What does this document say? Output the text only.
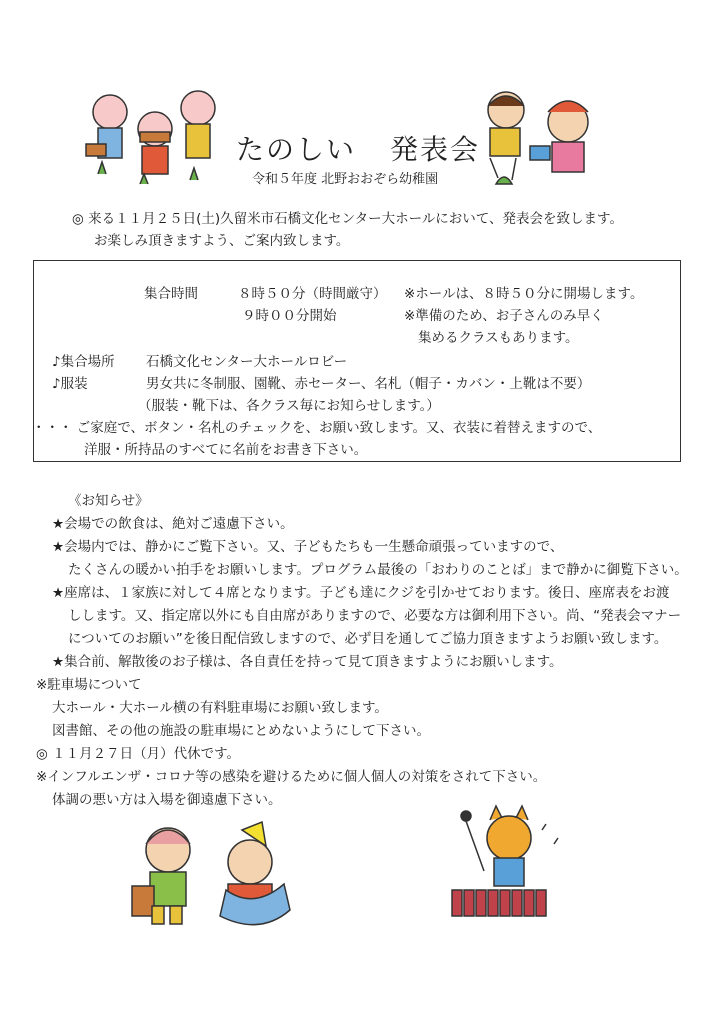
たのしい 発表会
令和５年度 北野おおぞら幼稚園
◎ 来る１１月２５日(土)久留米市石橋文化センター大ホールにおいて、発表会を致します。
お楽しみ頂きますよう、ご案内致します。
集合時間	８時５０分（時間厳守）
９時００分開始
※ホールは、８時５０分に開場します。
※準備のため、お子さんのみ早く
集めるクラスもあります。
♪集合場所 石橋文化センター大ホールロビー
♪服装	男女共に冬制服、園靴、赤セーター、名札（帽子・カバン・上靴は不要）
（服装・靴下は、各クラス毎にお知らせします。）
・・・ ご家庭で、ボタン・名札のチェックを、お願い致します。又、衣装に着替えますので、
洋服・所持品のすべてに名前をお書き下さい。
《お知らせ》
★会場での飲食は、絶対ご遠慮下さい。
★会場内では、静かにご覧下さい。又、子どもたちも一生懸命頑張っていますので、
たくさんの暖かい拍手をお願いします。プログラム最後の「おわりのことば」まで静かに御覧下さい。
★座席は、１家族に対して４席となります。子ども達にクジを引かせております。後日、座席表をお渡
しします。又、指定席以外にも自由席がありますので、必要な方は御利用下さい。尚、“発表会マナー
についてのお願い”を後日配信致しますので、必ず目を通してご協力頂きますようお願い致します。
★集合前、解散後のお子様は、各自責任を持って見て頂きますようにお願いします。
※駐車場について
大ホール・大ホール横の有料駐車場にお願い致します。
図書館、その他の施設の駐車場にとめないようにして下さい。
◎ １１月２７日（月）代休です。
※インフルエンザ・コロナ等の感染を避けるために個人個人の対策をされて下さい。
体調の悪い方は入場を御遠慮下さい。
